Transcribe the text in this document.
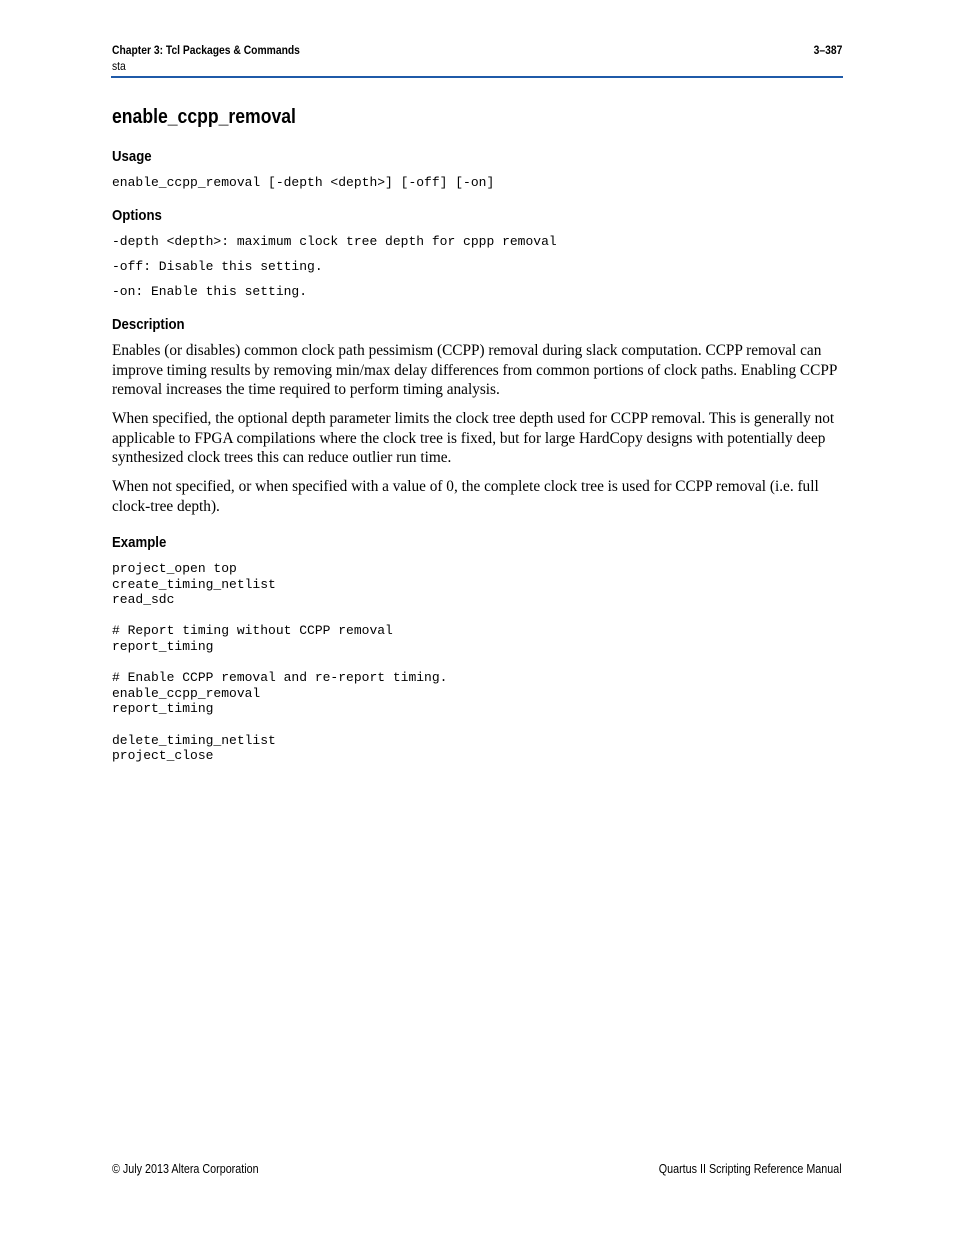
Chapter 3: Tcl Packages & Commands
sta
3–387
enable_ccpp_removal
Usage
enable_ccpp_removal [-depth <depth>] [-off] [-on]
Options
-depth <depth>: maximum clock tree depth for cppp removal
-off: Disable this setting.
-on: Enable this setting.
Description
Enables (or disables) common clock path pessimism (CCPP) removal during slack computation. CCPP removal can improve timing results by removing min/max delay differences from common portions of clock paths. Enabling CCPP removal increases the time required to perform timing analysis.
When specified, the optional depth parameter limits the clock tree depth used for CCPP removal. This is generally not applicable to FPGA compilations where the clock tree is fixed, but for large HardCopy designs with potentially deep synthesized clock trees this can reduce outlier run time.
When not specified, or when specified with a value of 0, the complete clock tree is used for CCPP removal (i.e. full clock-tree depth).
Example
project_open top
create_timing_netlist
read_sdc

# Report timing without CCPP removal
report_timing

# Enable CCPP removal and re-report timing.
enable_ccpp_removal
report_timing

delete_timing_netlist
project_close
© July 2013 Altera Corporation	Quartus II Scripting Reference Manual
